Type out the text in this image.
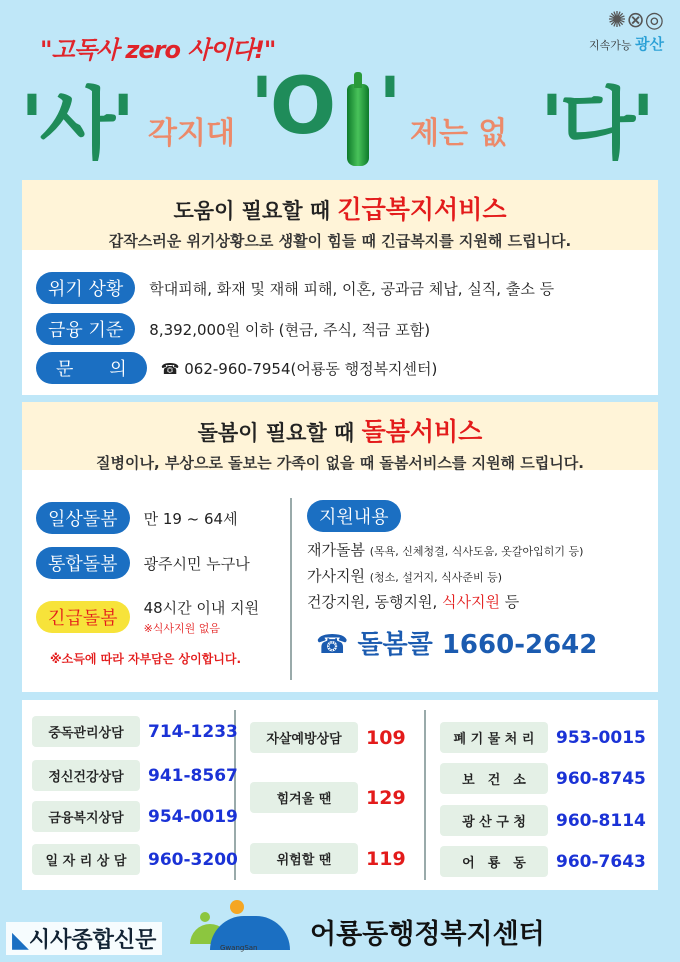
"고독사 zero 사이다!"
✺⊗◎
지속가능 광산
'사' 각지대 'O ' 제는 없 '다'
도움이 필요할 때 긴급복지서비스
갑작스러운 위기상황으로 생활이 힘들 때 긴급복지를 지원해 드립니다.
위기 상황	학대피해, 화재 및 재해 피해, 이혼, 공과금 체납, 실직, 출소 등
금융 기준	8,392,000원 이하 (현금, 주식, 적금 포함)
문　　의	☎ 062-960-7954(어룡동 행정복지센터)
돌봄이 필요할 때 돌봄서비스
질병이나, 부상으로 돌보는 가족이 없을 때 돌봄서비스를 지원해 드립니다.
일상돌봄	만 19 ~ 64세
통합돌봄	광주시민 누구나
긴급돌봄	48시간 이내 지원
※식사지원 없음
※소득에 따라 자부담은 상이합니다.
지원내용
재가돌봄 (목욕, 신체청결, 식사도움, 옷갈아입히기 등)
가사지원 (청소, 설거지, 식사준비 등)
건강지원, 동행지원, 식사지원 등
☎ 돌봄콜 1660-2642
중독관리상담	714-1233
정신건강상담	941-8567
금융복지상담	954-0019
일 자 리 상 담	960-3200
자살예방상담	109
힘겨울 땐	129
위험할 땐	119
폐 기 물 처 리	953-0015
보　건　소	960-8745
광 산 구 청	960-8114
어　룡　동	960-7643
GwangSan 어룡동행정복지센터
◣시사종합신문
